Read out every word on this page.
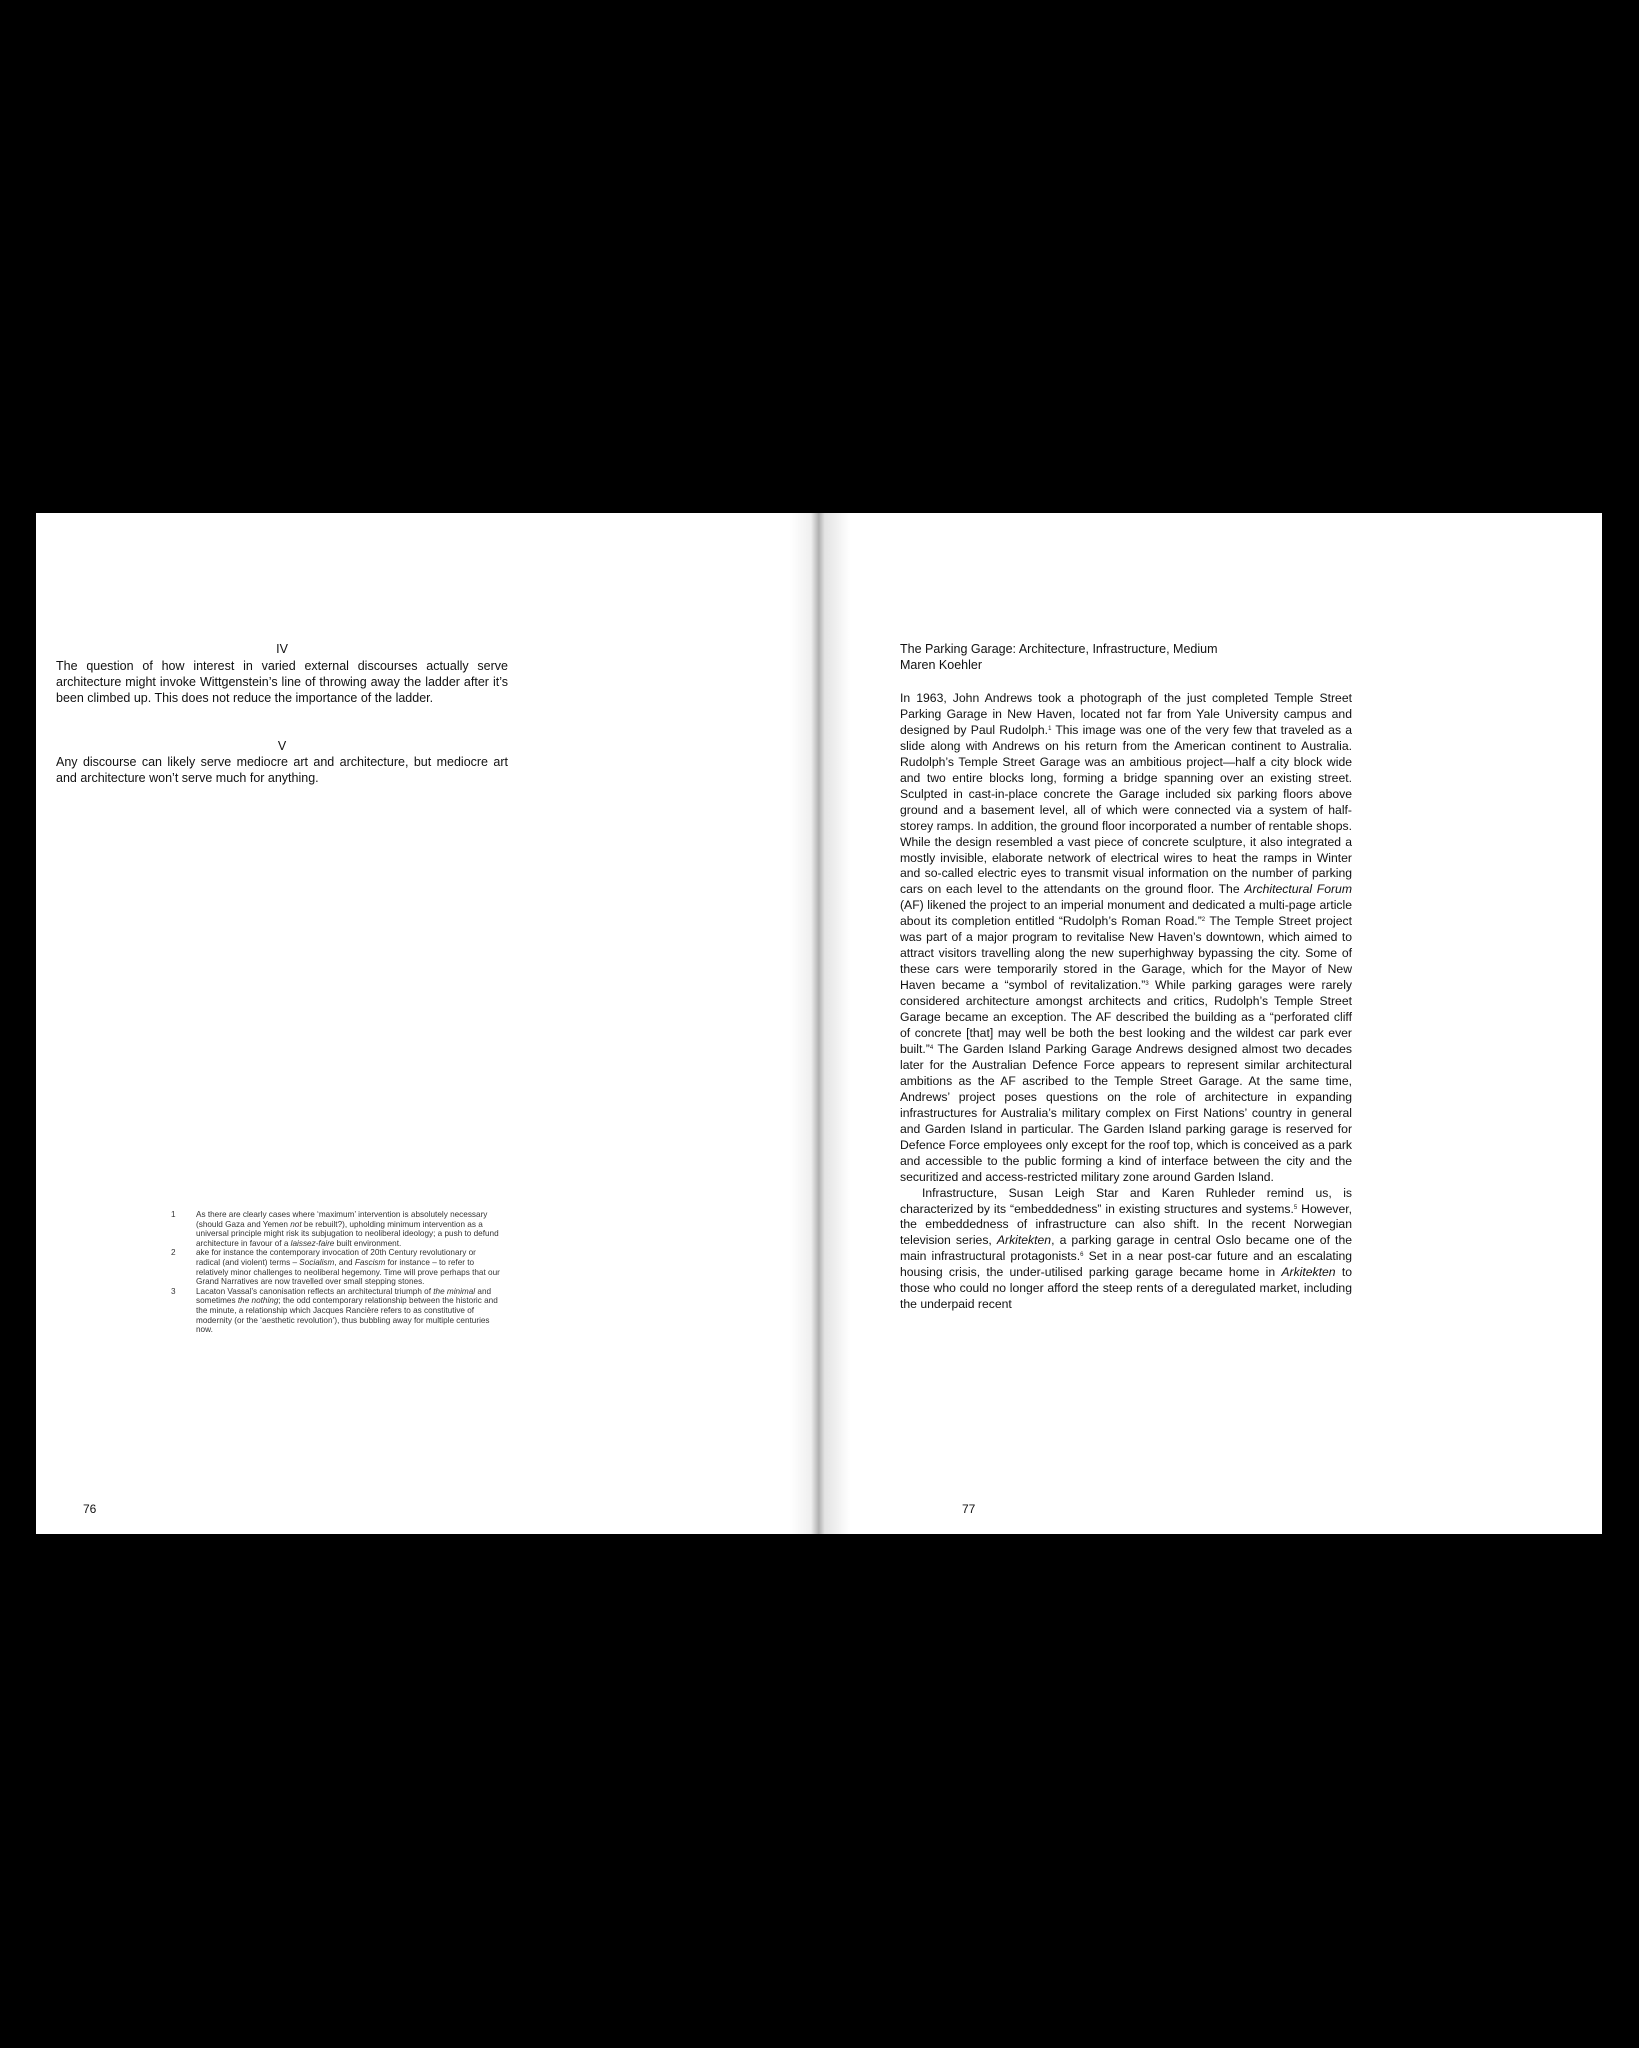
IV

The question of how interest in varied external discourses actually serve architecture might invoke Wittgenstein’s line of throwing away the ladder after it’s been climbed up. This does not reduce the importance of the ladder.

V

Any discourse can likely serve mediocre art and architecture, but mediocre art and architecture won’t serve much for anything.

1 As there are clearly cases where ‘maximum’ intervention is absolutely necessary (should Gaza and Yemen not be rebuilt?), upholding minimum intervention as a universal principle might risk its subjugation to neoliberal ideology; a push to defund architecture in favour of a laissez-faire built environment.
2 ake for instance the contemporary invocation of 20th Century revolutionary or radical (and violent) terms – Socialism, and Fascism for instance – to refer to relatively minor challenges to neoliberal hegemony. Time will prove perhaps that our Grand Narratives are now travelled over small stepping stones.
3 Lacaton Vassal’s canonisation reflects an architectural triumph of the minimal and sometimes the nothing; the odd contemporary relationship between the historic and the minute, a relationship which Jacques Rancière refers to as constitutive of modernity (or the ‘aesthetic revolution’), thus bubbling away for multiple centuries now.
76
The Parking Garage: Architecture, Infrastructure, Medium
Maren Koehler

In 1963, John Andrews took a photograph of the just completed Temple Street Parking Garage in New Haven, located not far from Yale University campus and designed by Paul Rudolph.$^1$ This image was one of the very few that traveled as a slide along with Andrews on his return from the American continent to Australia. Rudolph’s Temple Street Garage was an ambitious project—half a city block wide and two entire blocks long, forming a bridge spanning over an existing street. Sculpted in cast-in-place concrete the Garage included six parking floors above ground and a basement level, all of which were connected via a system of half-storey ramps. In addition, the ground floor incorporated a number of rentable shops. While the design resembled a vast piece of concrete sculpture, it also integrated a mostly invisible, elaborate network of electrical wires to heat the ramps in Winter and so-called electric eyes to transmit visual information on the number of parking cars on each level to the attendants on the ground floor. The Architectural Forum (AF) likened the project to an imperial monument and dedicated a multi-page article about its completion entitled “Rudolph’s Roman Road.”$^2$ The Temple Street project was part of a major program to revitalise New Haven’s downtown, which aimed to attract visitors travelling along the new superhighway bypassing the city. Some of these cars were temporarily stored in the Garage, which for the Mayor of New Haven became a “symbol of revitalization.”$^3$ While parking garages were rarely considered architecture amongst architects and critics, Rudolph’s Temple Street Garage became an exception. The AF described the building as a “perforated cliff of concrete [that] may well be both the best looking and the wildest car park ever built.”$^4$ The Garden Island Parking Garage Andrews designed almost two decades later for the Australian Defence Force appears to represent similar architectural ambitions as the AF ascribed to the Temple Street Garage. At the same time, Andrews’ project poses questions on the role of architecture in expanding infrastructures for Australia’s military complex on First Nations’ country in general and Garden Island in particular. The Garden Island parking garage is reserved for Defence Force employees only except for the roof top, which is conceived as a park and accessible to the public forming a kind of interface between the city and the securitized and access-restricted military zone around Garden Island.

Infrastructure, Susan Leigh Star and Karen Ruhleder remind us, is characterized by its “embeddedness” in existing structures and systems.$^5$ However, the embeddedness of infrastructure can also shift. In the recent Norwegian television series, Arkitekten, a parking garage in central Oslo became one of the main infrastructural protagonists.$^6$ Set in a near post-car future and an escalating housing crisis, the under-utilised parking garage became home in Arkitekten to those who could no longer afford the steep rents of a deregulated market, including the underpaid recent

77
